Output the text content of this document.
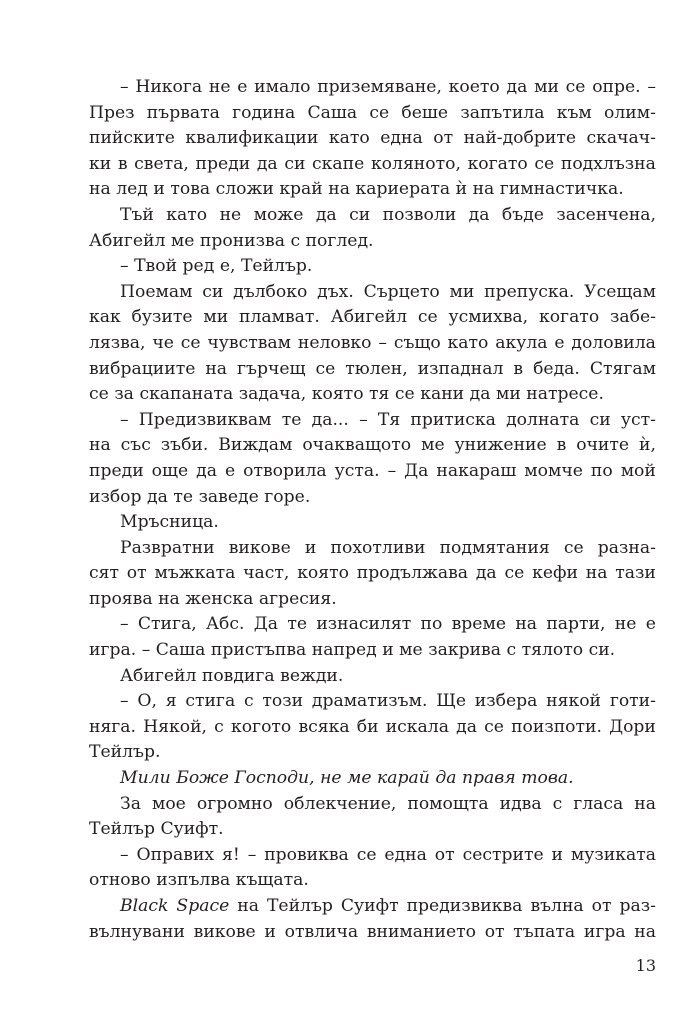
– Никога не е имало приземяване, което да ми се опре. –
През първата година Саша се беше запътила към олим-
пийските квалификации като една от най-добрите скачач-
ки в света, преди да си скапе коляното, когато се подхлъзна
на лед и това сложи край на кариерата ѝ на гимнастичка.
Тъй като не може да си позволи да бъде засенчена,
Абигейл ме пронизва с поглед.
– Твой ред е, Тейлър.
Поемам си дълбоко дъх. Сърцето ми препуска. Усещам
как бузите ми пламват. Абигейл се усмихва, когато забе-
лязва, че се чувствам неловко – също като акула е доловила
вибрациите на гърчещ се тюлен, изпаднал в беда. Стягам
се за скапаната задача, която тя се кани да ми натресе.
– Предизвиквам те да... – Тя притиска долната си уст-
на със зъби. Виждам очакващото ме унижение в очите ѝ,
преди още да е отворила уста. – Да накараш момче по мой
избор да те заведе горе.
Мръсница.
Развратни викове и похотливи подмятания се разна-
сят от мъжката част, която продължава да се кефи на тази
проява на женска агресия.
– Стига, Абс. Да те изнасилят по време на парти, не е
игра. – Саша пристъпва напред и ме закрива с тялото си.
Абигейл повдига вежди.
– О, я стига с този драматизъм. Ще избера някой готи-
няга. Някой, с когото всяка би искала да се поизпоти. Дори
Тейлър.
Мили Боже Господи, не ме карай да правя това.
За мое огромно облекчение, помощта идва с гласа на
Тейлър Суифт.
– Оправих я! – провиква се една от сестрите и музиката
отново изпълва къщата.
Black Space на Тейлър Суифт предизвиква вълна от раз-
вълнувани викове и отвлича вниманието от тъпата игра на
13
